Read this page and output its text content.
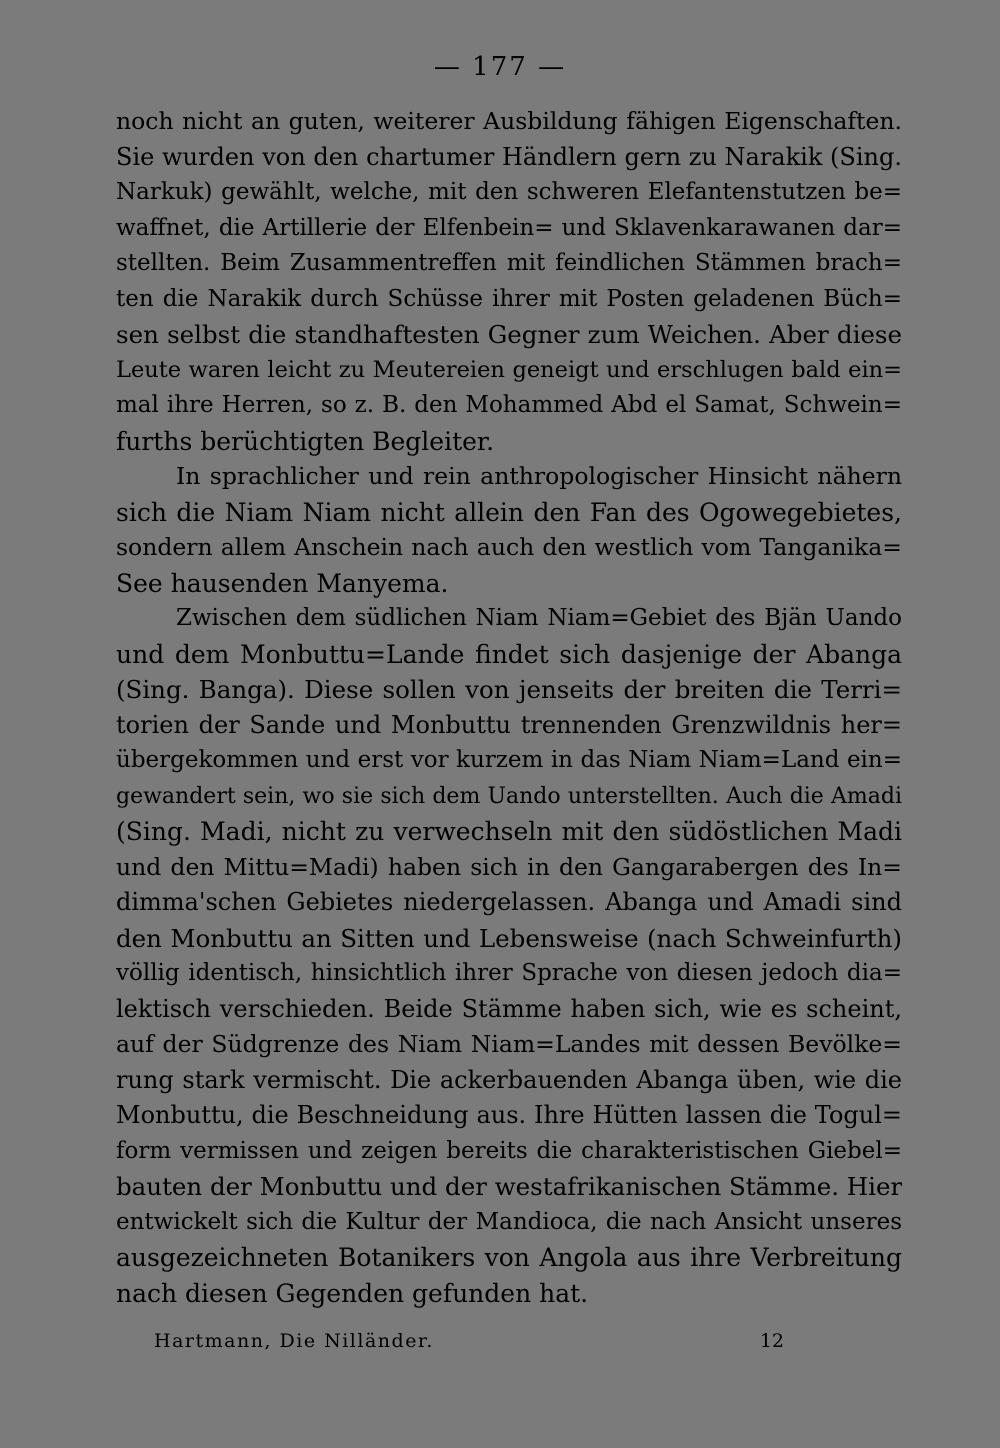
— 177 —
noch nicht an guten, weiterer Ausbildung fähigen Eigenschaften.
Sie wurden von den chartumer Händlern gern zu Narakik (Sing.
Narkuk) gewählt, welche, mit den schweren Elefantenstutzen be=
waffnet, die Artillerie der Elfenbein= und Sklavenkarawanen dar=
stellten. Beim Zusammentreffen mit feindlichen Stämmen brach=
ten die Narakik durch Schüsse ihrer mit Posten geladenen Büch=
sen selbst die standhaftesten Gegner zum Weichen. Aber diese
Leute waren leicht zu Meutereien geneigt und erschlugen bald ein=
mal ihre Herren, so z. B. den Mohammed Abd el Samat, Schwein=
furths berüchtigten Begleiter.
In sprachlicher und rein anthropologischer Hinsicht nähern
sich die Niam Niam nicht allein den Fan des Ogowegebietes,
sondern allem Anschein nach auch den westlich vom Tanganika=
See hausenden Manyema.
Zwischen dem südlichen Niam Niam=Gebiet des Bjän Uando
und dem Monbuttu=Lande findet sich dasjenige der Abanga
(Sing. Banga). Diese sollen von jenseits der breiten die Terri=
torien der Sande und Monbuttu trennenden Grenzwildnis her=
übergekommen und erst vor kurzem in das Niam Niam=Land ein=
gewandert sein, wo sie sich dem Uando unterstellten. Auch die Amadi
(Sing. Madi, nicht zu verwechseln mit den südöstlichen Madi
und den Mittu=Madi) haben sich in den Gangarabergen des In=
dimma'schen Gebietes niedergelassen. Abanga und Amadi sind
den Monbuttu an Sitten und Lebensweise (nach Schweinfurth)
völlig identisch, hinsichtlich ihrer Sprache von diesen jedoch dia=
lektisch verschieden. Beide Stämme haben sich, wie es scheint,
auf der Südgrenze des Niam Niam=Landes mit dessen Bevölke=
rung stark vermischt. Die ackerbauenden Abanga üben, wie die
Monbuttu, die Beschneidung aus. Ihre Hütten lassen die Togul=
form vermissen und zeigen bereits die charakteristischen Giebel=
bauten der Monbuttu und der westafrikanischen Stämme. Hier
entwickelt sich die Kultur der Mandioca, die nach Ansicht unseres
ausgezeichneten Botanikers von Angola aus ihre Verbreitung
nach diesen Gegenden gefunden hat.
Hartmann, Die Nilländer.	12
